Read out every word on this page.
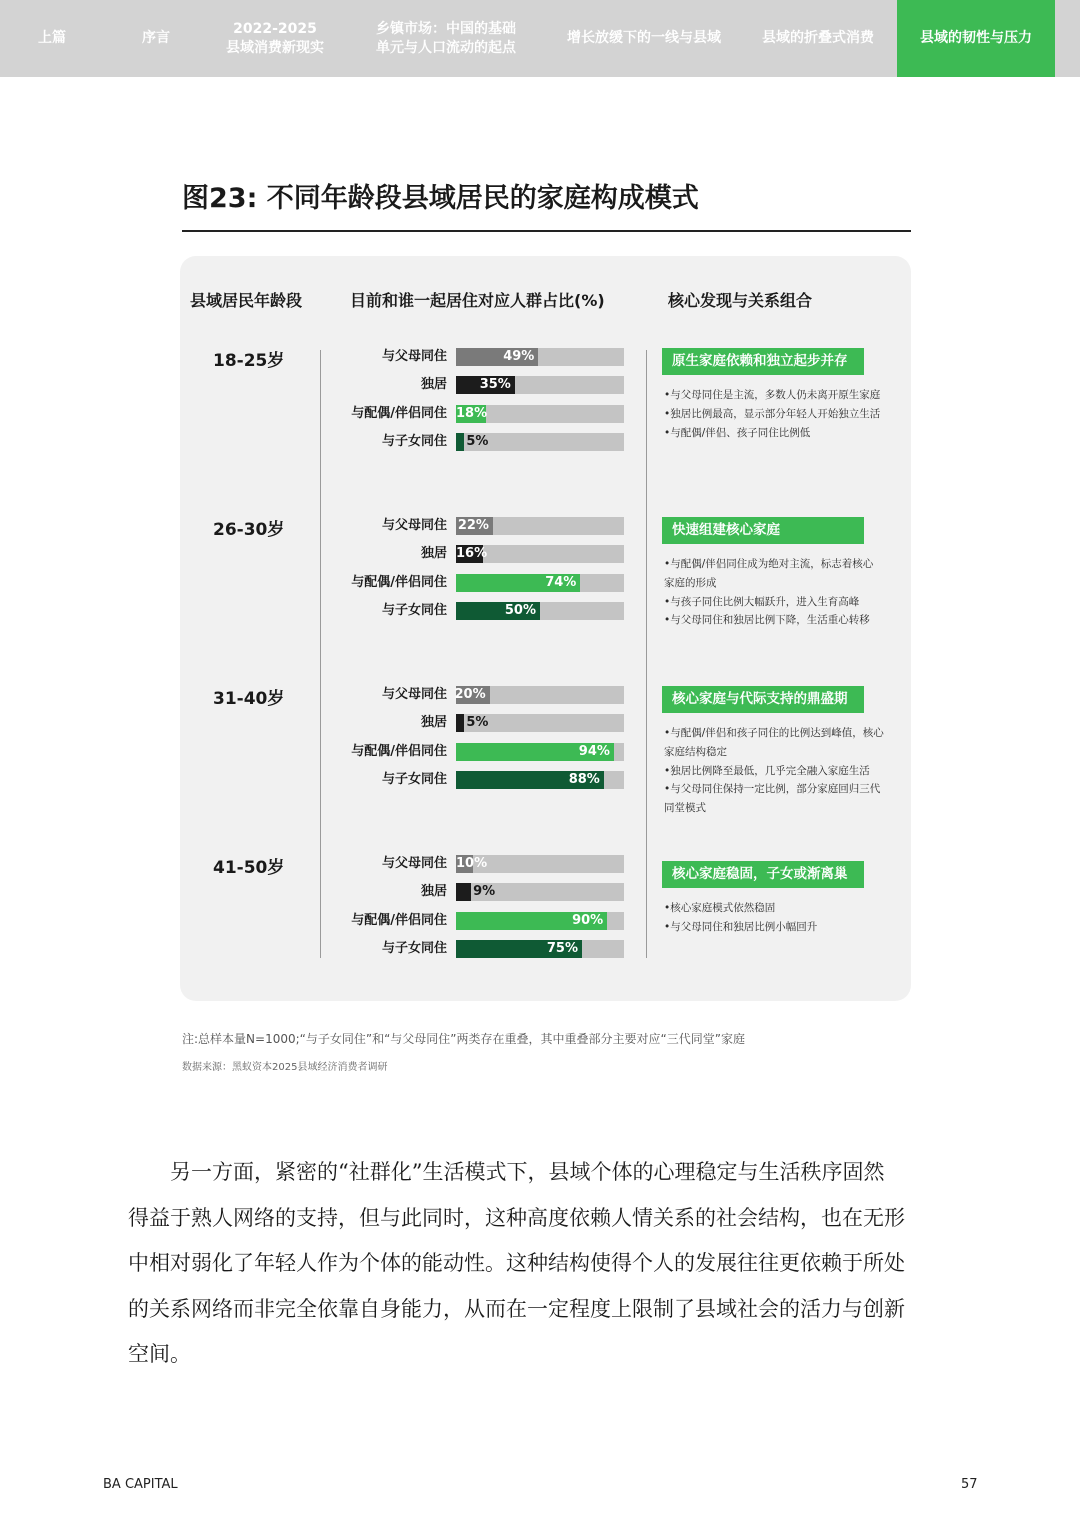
上篇	序言
2022-2025
县域消费新现实
乡镇市场：中国的基础
单元与人口流动的起点
增长放缓下的一线与县域	县域的折叠式消费	县域的韧性与压力
图23: 不同年龄段县域居民的家庭构成模式
县域居民年龄段	目前和谁一起居住对应人群占比(%)	核心发现与关系组合
18-25岁	与父母同住	49%
独居	35%
与配偶/伴侣同住 18%
与子女同住 5%
26-30岁	与父母同住 22%
独居 16%
与配偶/伴侣同住	74%
与子女同住	50%
31-40岁	与父母同住 20%
独居 5%
与配偶/伴侣同住	94%
与子女同住	88%
41-50岁	与父母同住 10%
独居 9%
与配偶/伴侣同住	90%
与子女同住	75%
原生家庭依赖和独立起步并存
•与父母同住是主流，多数人仍未离开原生家庭
•独居比例最高，显示部分年轻人开始独立生活
•与配偶/伴侣、孩子同住比例低
快速组建核心家庭
•与配偶/伴侣同住成为绝对主流，标志着核心
家庭的形成
•与孩子同住比例大幅跃升，进入生育高峰
•与父母同住和独居比例下降，生活重心转移
核心家庭与代际支持的鼎盛期
•与配偶/伴侣和孩子同住的比例达到峰值，核心
家庭结构稳定
•独居比例降至最低，几乎完全融入家庭生活
•与父母同住保持一定比例，部分家庭回归三代
同堂模式
核心家庭稳固，子女或渐离巢
•核心家庭模式依然稳固
•与父母同住和独居比例小幅回升
注:总样本量N=1000;“与子女同住”和“与父母同住”两类存在重叠，其中重叠部分主要对应“三代同堂”家庭
数据来源：黑蚁资本2025县域经济消费者调研
　　另一方面，紧密的“社群化”生活模式下，县域个体的心理稳定与生活秩序固然
得益于熟人网络的支持，但与此同时，这种高度依赖人情关系的社会结构，也在无形
中相对弱化了年轻人作为个体的能动性。这种结构使得个人的发展往往更依赖于所处
的关系网络而非完全依靠自身能力，从而在一定程度上限制了县域社会的活力与创新
空间。
BA CAPITAL	57
